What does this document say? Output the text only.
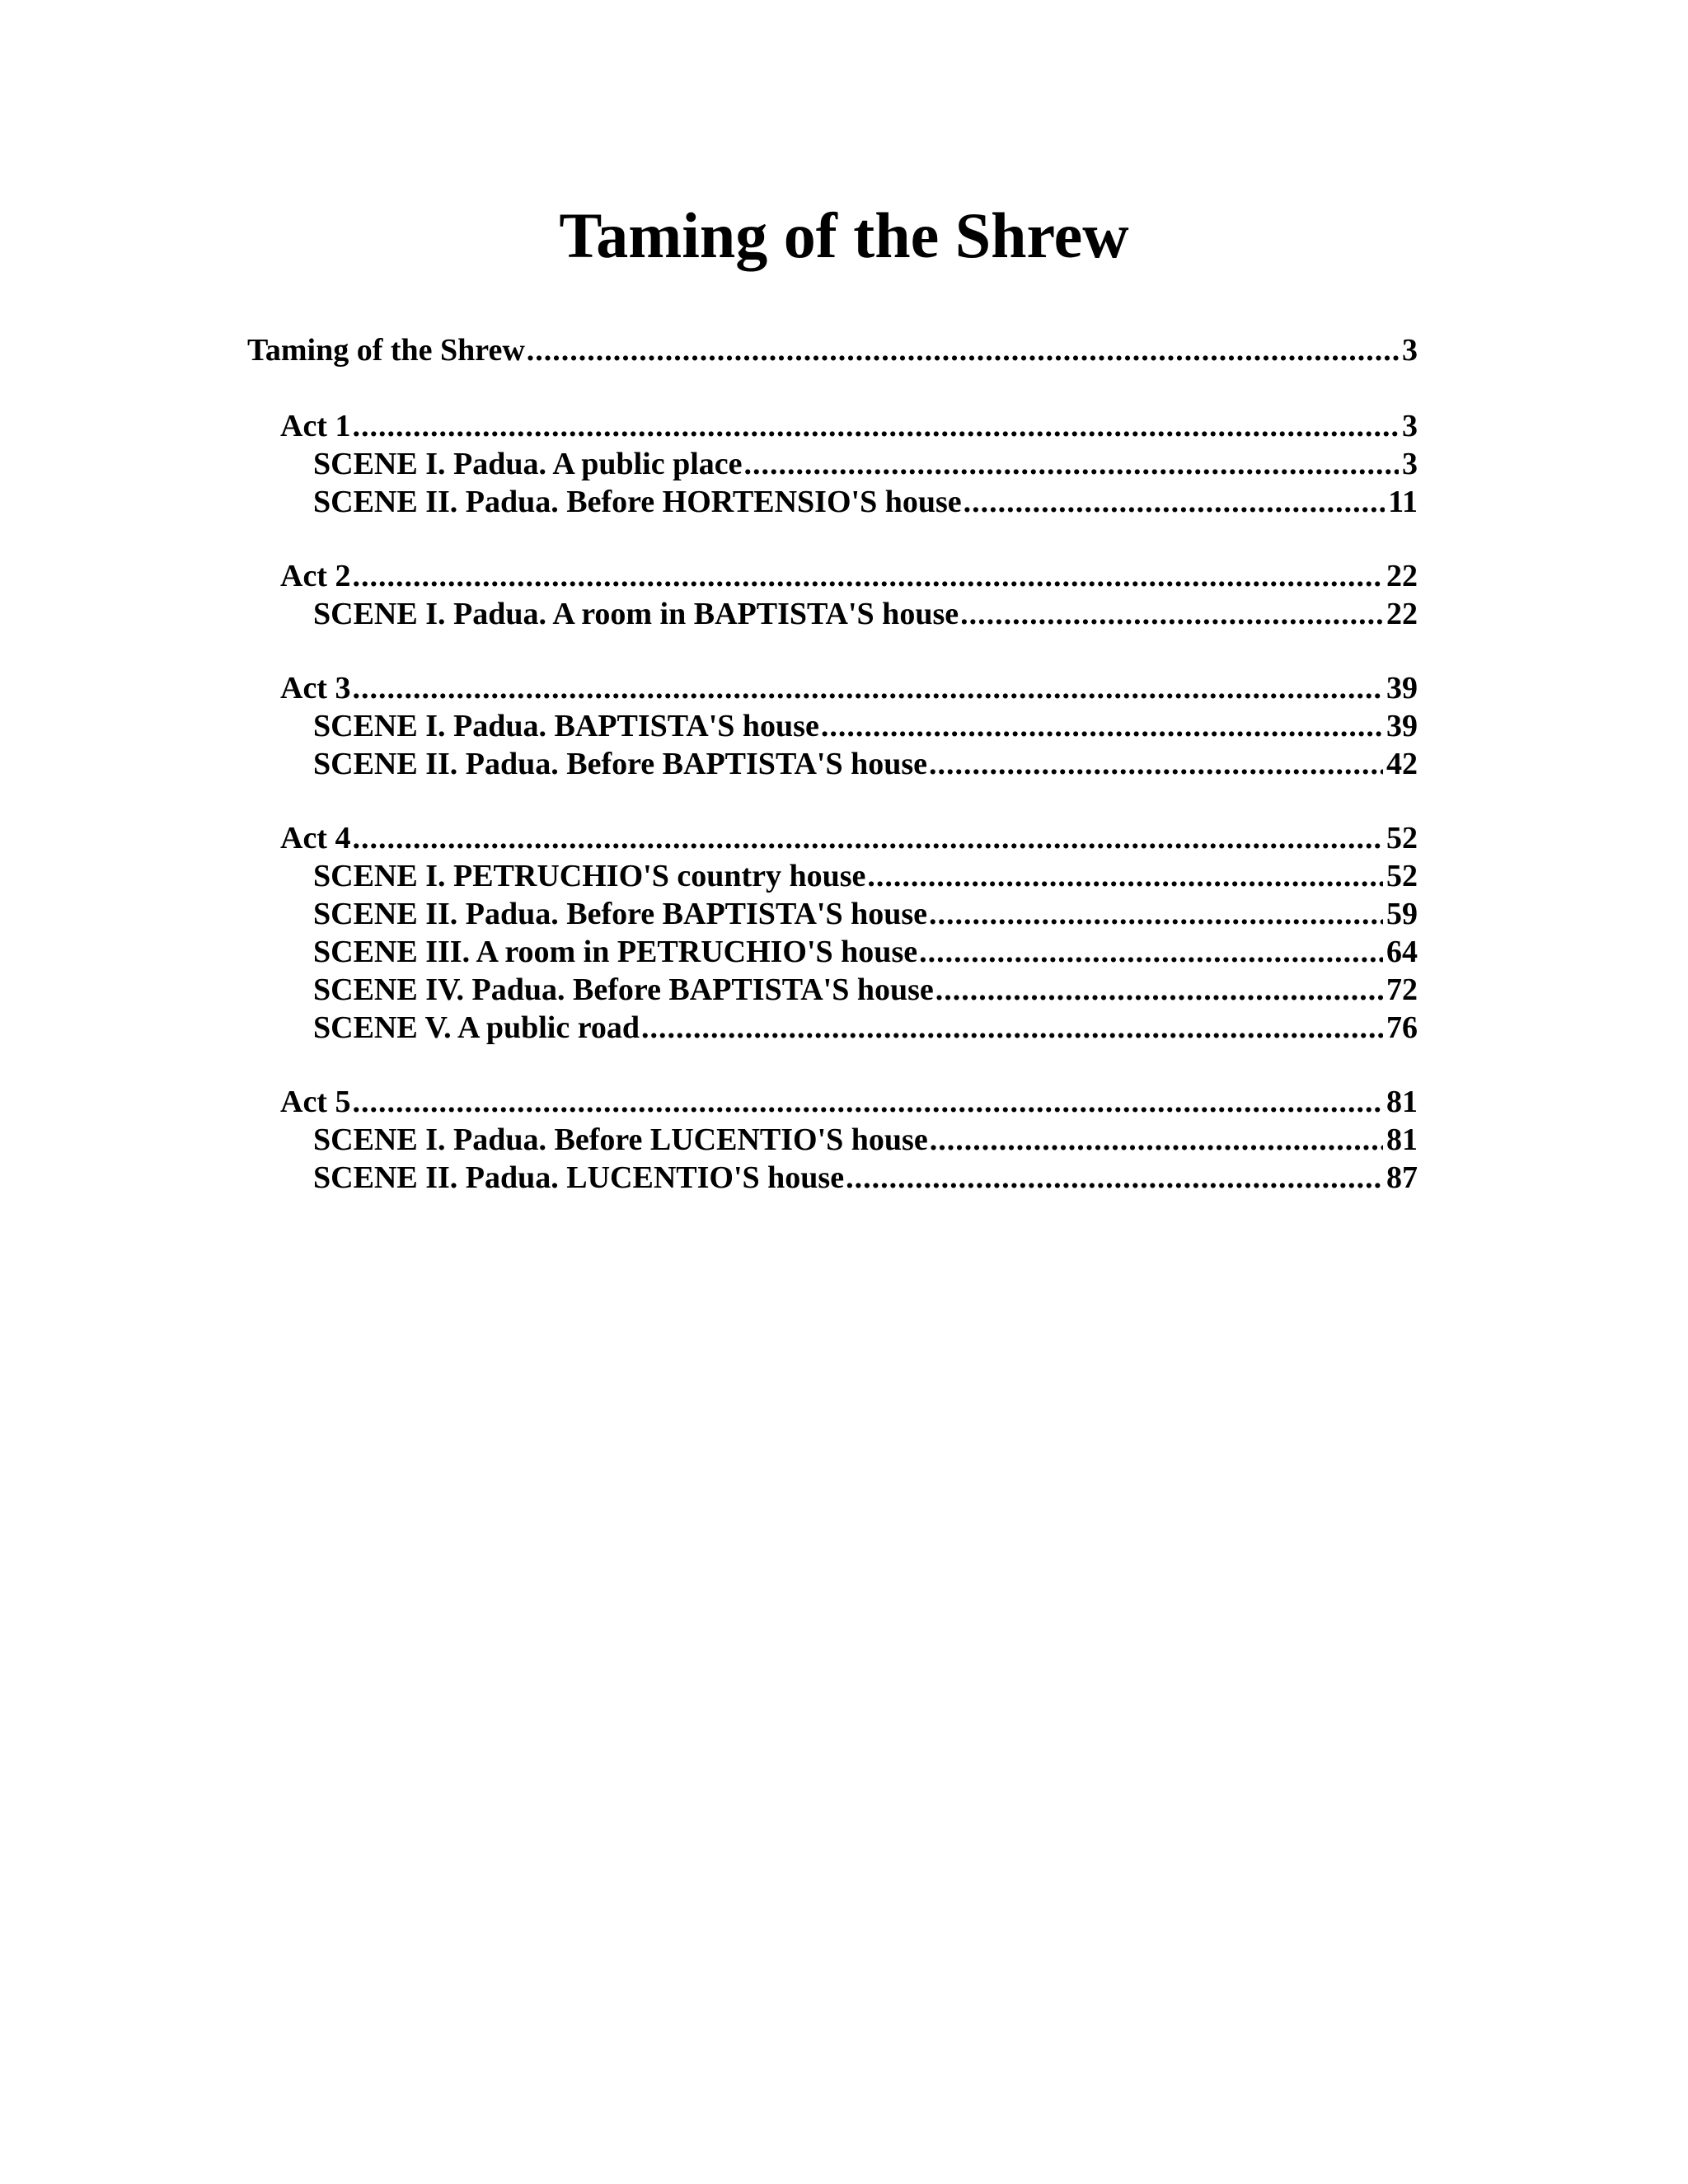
Taming of the Shrew
Taming of the Shrew .....	3
Act 1 .....	3
SCENE I. Padua. A public place .....	3
SCENE II. Padua. Before HORTENSIO'S house .....	11
Act 2 .....	22
SCENE I. Padua. A room in BAPTISTA'S house .....	22
Act 3 .....	39
SCENE I. Padua. BAPTISTA'S house .....	39
SCENE II. Padua. Before BAPTISTA'S house .....	42
Act 4 .....	52
SCENE I. PETRUCHIO'S country house .....	52
SCENE II. Padua. Before BAPTISTA'S house .....	59
SCENE III. A room in PETRUCHIO'S house .....	64
SCENE IV. Padua. Before BAPTISTA'S house .....	72
SCENE V. A public road .....	76
Act 5 .....	81
SCENE I. Padua. Before LUCENTIO'S house .....	81
SCENE II. Padua. LUCENTIO'S house .....	87
